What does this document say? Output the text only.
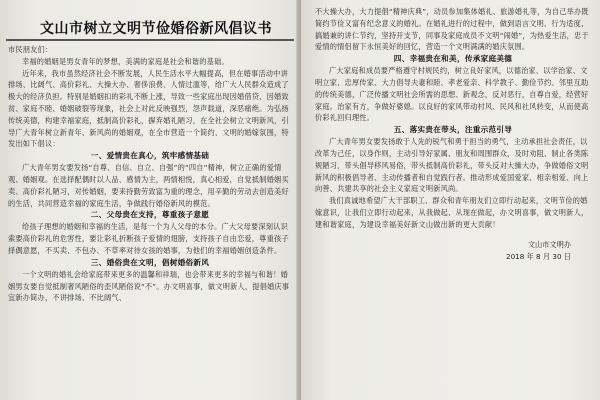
文山市树立文明节俭婚俗新风倡议书
市民朋友们：
幸福的婚姻是男女青年的梦想，美满的家庭是社会和谐的基础。
近年来，我市虽然经济社会不断发展，人民生活水平大幅提高，但在婚事活动中讲排场、比阔气、高价彩礼、大操大办、奢侈浪费、人情过滥等，给广大人民群众造成了极大的经济负担。特别是婚姻扣的彩礼不断上涨，导致一些家庭出现因婚借贷、因婚致贫、家庭不睦、婚姻破裂等现象，社会上对此反映强烈，怨声载道，深恶痛绝。为弘扬传统美德，构建幸福家庭，抵制高价彩礼，摒弃婚礼陋习，在全社会树立文明新风，引导广大青年树立新青年、新风尚的婚姻观，在全市营造一个简约、文明的婚嫁氛围，特发出如下倡议：
一、爱情贵在真心，筑牢感情基础
广大青年男女要发扬“自尊、自信、自立、自强”的“四自”精神，树立正确的爱情观、婚姻观。在选择配偶时以人品、感情为主，两情相悦，真心相爱，自觉抵制婚姻买卖、高价彩礼陋习，对传婚姻，要来持勤劳致富为重的理念，用辛勤的劳动去创造美好的生活，共同营造幸福的家庭生活，争做践行婚俗新风的模范。
二、父母贵在支持，尊重孩子意愿
给孩子理想的婚姻和幸福的生活，是每一个为人父母的本分。广大父母要深刻认识索要高价彩礼的危害性，要让彩礼折断孩子爱情的翅膀，支持孩子自由恋爱，尊重孩子择偶意愿，不买卖、不包办、不草率对待女孩的婚事，为他们的幸福婚姻创造条件。
三、婚俗贵在文明，倡树婚俗新风
一个文明的婚礼会给家庭带来更多的温馨和祥瑞，也会带来更多的幸福与和谐！婚姻男女要自觉抵制奢风陋俗的歪风陋俗说“不”。办文明喜事，做文明新人，提倡婚庆事宜新办简办，不讲排场、不比阔气、
不大操大办，大力提倡“精神庆典”，动员参加集体婚礼、旅游婚礼等，为自己举办既简约节俭又富有纪念意义的婚礼。在婚礼进行的过程中，做到语言文明、行为适度、搞婚兼的讲仁节约，坚持开支节，同事及家庭成员不文明“闹婚”，为热爱生活，忠于爱情的情侣留下永恒美好的回忆，营造一个文明满满的婚庆氛围。
四、幸福贵在和美，传承家庭美德
广大家庭和成员要严格遵守村规民约，树立良好家风，以德治家、以学治家、文明立家、忠厚传家、大力倡导夫妻和睦、孝老爱亲、科学教子、勤俭节约、邻里互助的传统美德，广泛传播文明社会所需的思想、新观念，反对恶行，自尊自爱，经营好家庭。治家有方，争做好婆媳。以良好的家风带动村风、民风和社风转变，从而使高价彩礼回归理性。
五、落实贵在带头，注重示范引导
广大青年男女要发扬敢于人先的锐气和勇于担当的勇气，主动承担社会责任，以改革为己任，以身作则，主动引导好家属、朋友和周围群众，及时劝阻、制止各类陈规陋习，带头倡导移风易俗，带头抵制高价彩礼，带头反对大操大办，争做婚俗文明新风的积极倡导者、主动传播者和自觉践行者。推动形成爱国爱家、相亲相爱、向上向善、共建共享的社会主义家庭文明新风尚。
我们真诚地希望广大干部职工、群众和青年朋友们立即行动起来，文明节俭的婚嫁意识，让我们立即行动起来，从我做起、从现在做起，办文明喜事，做文明新人，建和谐家庭，为建设幸福美好新文山做出新的更大贡献！
文山市文明办
2018 年 8 月 30 日
